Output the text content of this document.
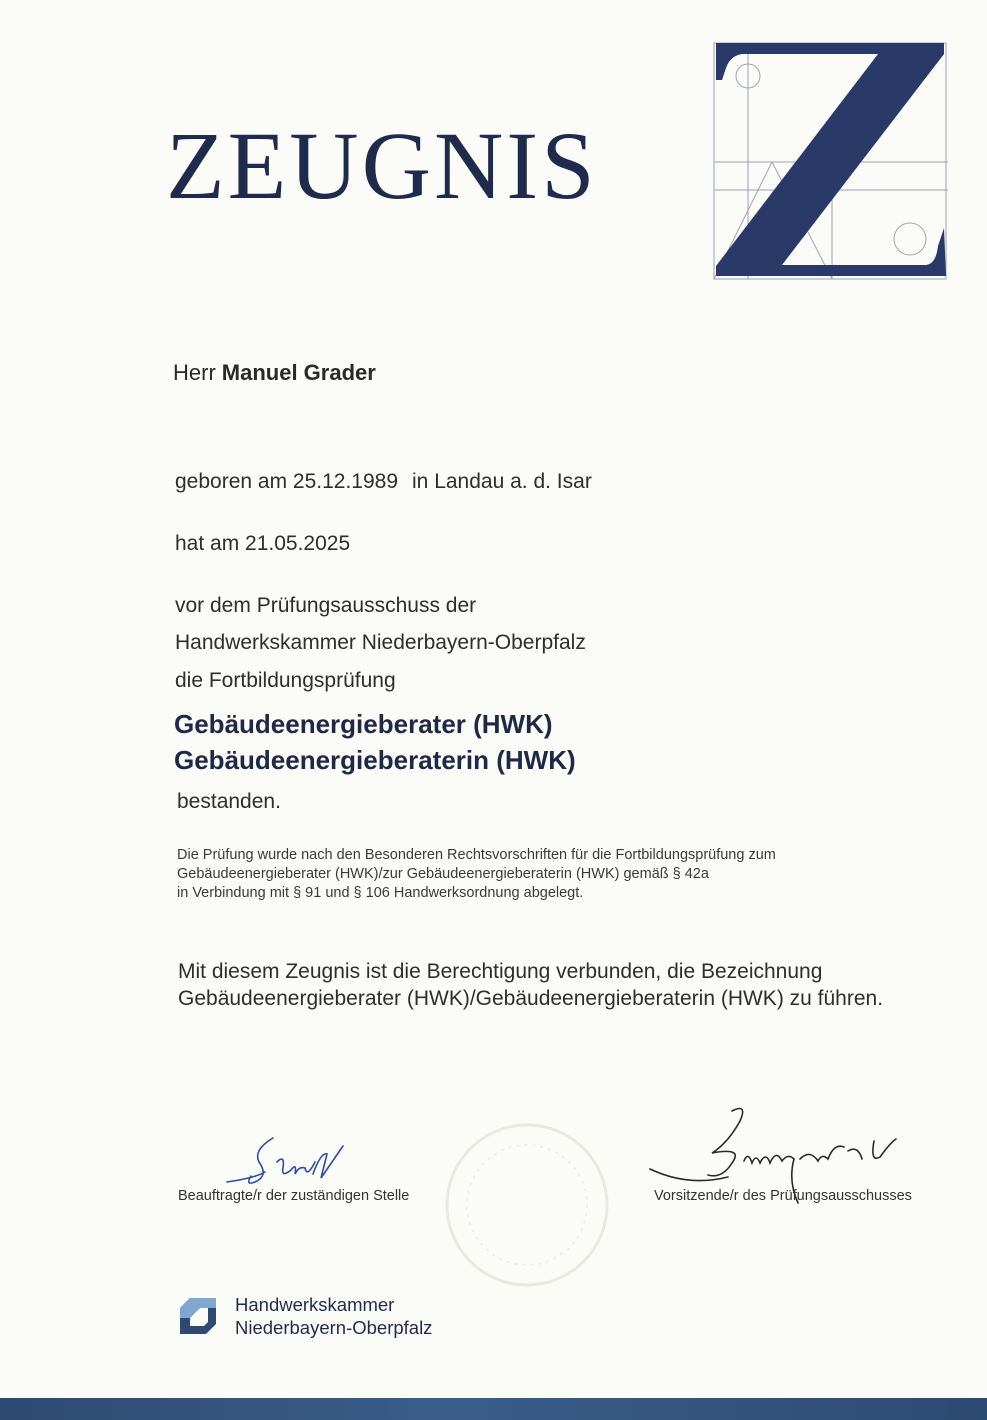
ZEUGNIS
Herr Manuel Grader
geboren am 25.12.1989 in Landau a. d. Isar
hat am 21.05.2025
vor dem Prüfungsausschuss der
Handwerkskammer Niederbayern-Oberpfalz
die Fortbildungsprüfung
Gebäudeenergieberater (HWK)
Gebäudeenergieberaterin (HWK)
bestanden.
Die Prüfung wurde nach den Besonderen Rechtsvorschriften für die Fortbildungsprüfung zum
Gebäudeenergieberater (HWK)/zur Gebäudeenergieberaterin (HWK) gemäß § 42a
in Verbindung mit § 91 und § 106 Handwerksordnung abgelegt.
Mit diesem Zeugnis ist die Berechtigung verbunden, die Bezeichnung
Gebäudeenergieberater (HWK)/Gebäudeenergieberaterin (HWK) zu führen.
Beauftragte/r der zuständigen Stelle	Vorsitzende/r des Prüfungsausschusses
Handwerkskammer
Niederbayern-Oberpfalz
